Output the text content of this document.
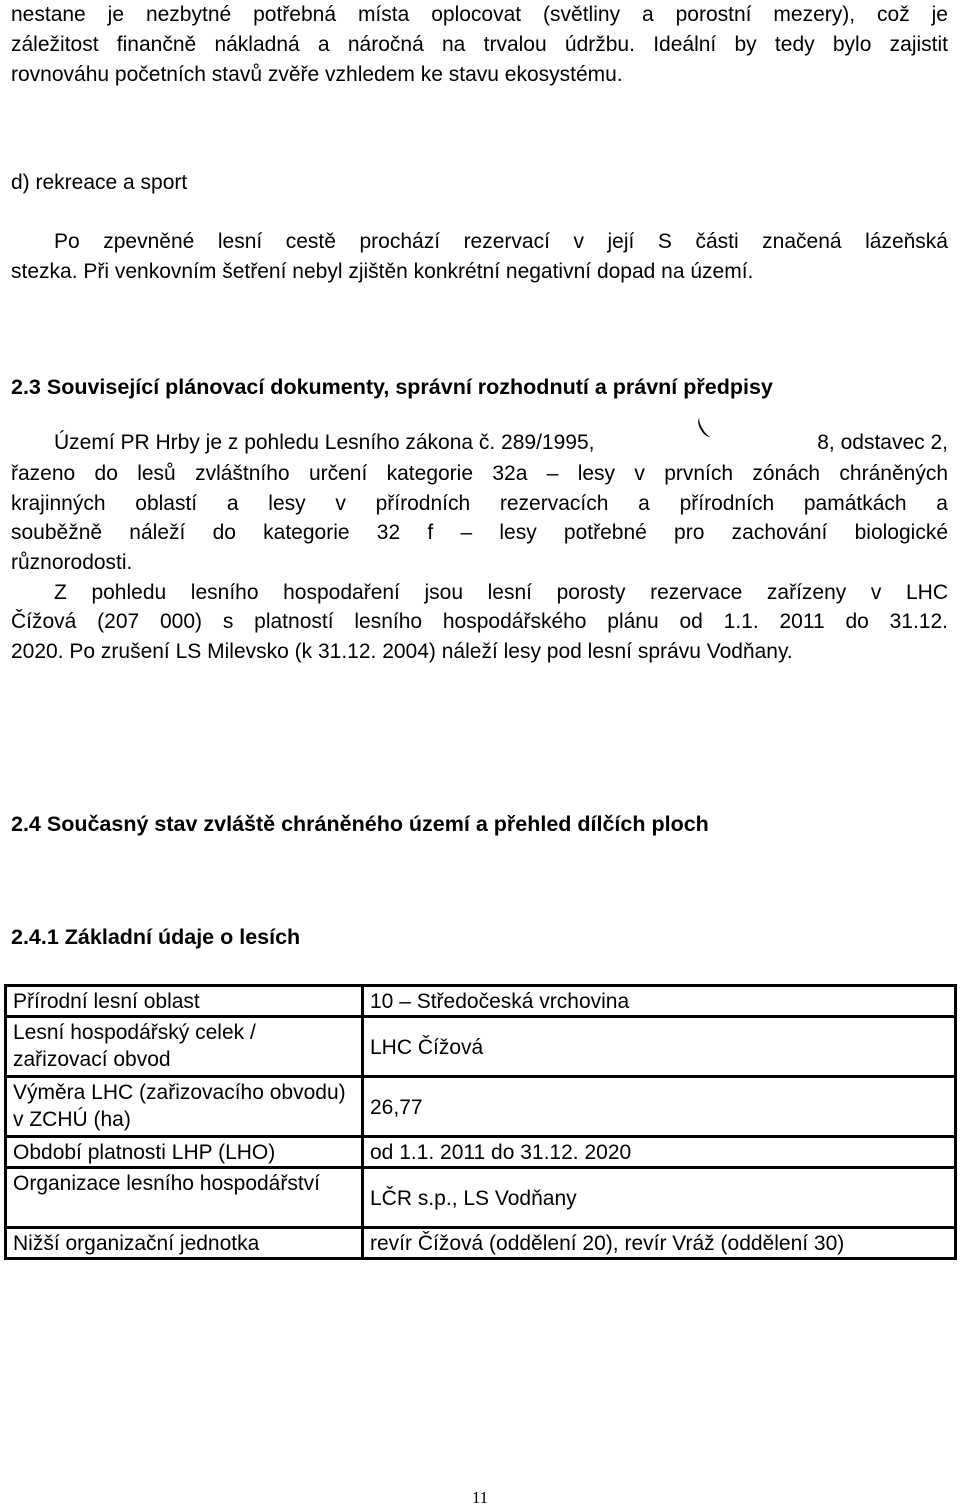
nestane je nezbytné potřebná místa oplocovat (světliny a porostní mezery), což je
záležitost finančně nákladná a náročná na trvalou údržbu. Ideální by tedy bylo zajistit
rovnováhu početních stavů zvěře vzhledem ke stavu ekosystému.
d) rekreace a sport
Po zpevněné lesní cestě prochází rezervací v její S části značená lázeňská
stezka. Při venkovním šetření nebyl zjištěn konkrétní negativní dopad na území.
2.3 Související plánovací dokumenty, správní rozhodnutí a právní předpisy
Území PR Hrby je z pohledu Lesního zákona č. 289/1995,	8, odstavec 2,
řazeno do lesů zvláštního určení kategorie 32a – lesy v prvních zónách chráněných
krajinných oblastí a lesy v přírodních rezervacích a přírodních památkách a
souběžně náleží do kategorie 32 f – lesy potřebné pro zachování biologické
různorodosti.
Z pohledu lesního hospodaření jsou lesní porosty rezervace zařízeny v LHC
Čížová (207 000) s platností lesního hospodářského plánu od 1.1. 2011 do 31.12.
2020. Po zrušení LS Milevsko (k 31.12. 2004) náleží lesy pod lesní správu Vodňany.
2.4 Současný stav zvláště chráněného území a přehled dílčích ploch
2.4.1 Základní údaje o lesích
Přírodní lesní oblast	10 – Středočeská vrchovina
Lesní hospodářský celek / zařizovací obvod	LHC Čížová
Výměra LHC (zařizovacího obvodu) v ZCHÚ (ha)	26,77
Období platnosti LHP (LHO)	od 1.1. 2011 do 31.12. 2020
Organizace lesního hospodářství	LČR s.p., LS Vodňany
Nižší organizační jednotka	revír Čížová (oddělení 20), revír Vráž (oddělení 30)
11
